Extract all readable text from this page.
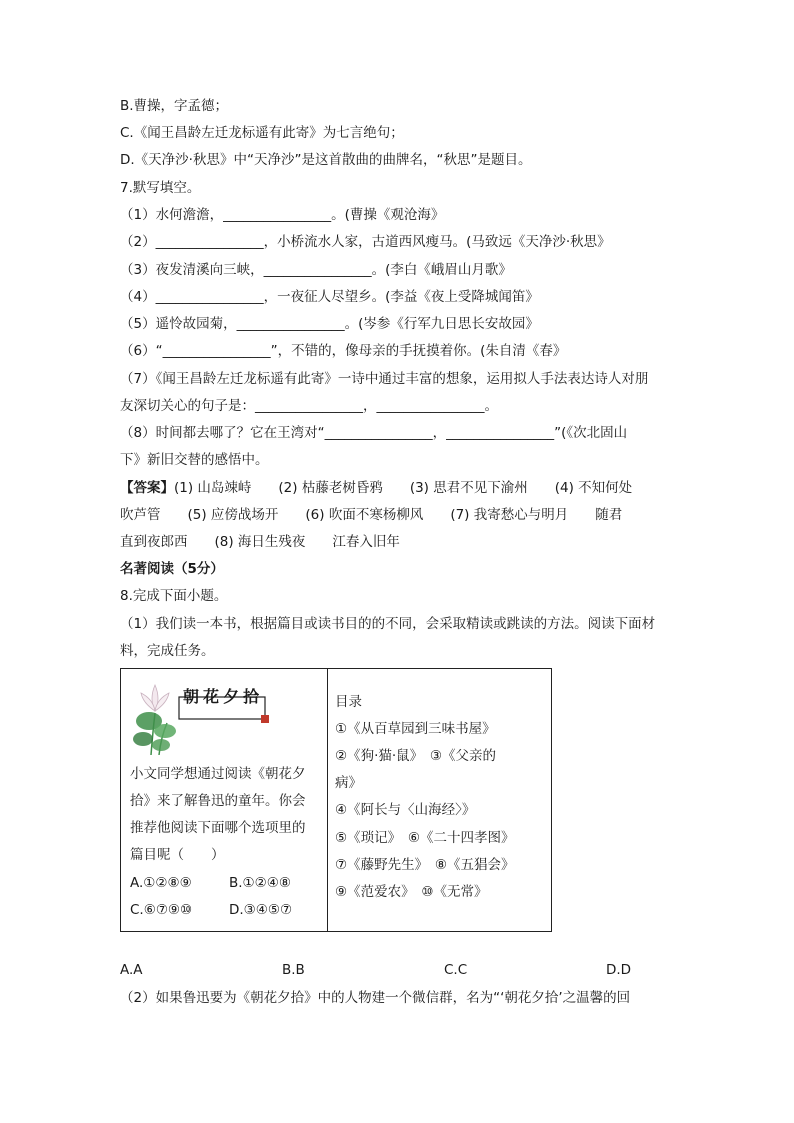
B.曹操，字孟德；
C.《闻王昌龄左迁龙标遥有此寄》为七言绝句；
D.《天净沙·秋思》中“天净沙”是这首散曲的曲牌名，“秋思”是题目。
7.默写填空。
（1）水何澹澹，________________。(曹操《观沧海》
（2）________________，小桥流水人家，古道西风瘦马。(马致远《天净沙·秋思》
（3）夜发清溪向三峡，________________。(李白《峨眉山月歌》
（4）________________，一夜征人尽望乡。(李益《夜上受降城闻笛》
（5）遥怜故园菊，________________。(岑参《行军九日思长安故园》
（6）“________________”，不错的，像母亲的手抚摸着你。(朱自清《春》
（7）《闻王昌龄左迁龙标遥有此寄》一诗中通过丰富的想象，运用拟人手法表达诗人对朋
友深切关心的句子是：________________，________________。
（8）时间都去哪了？它在王湾对“________________，________________”(《次北固山
下》新旧交替的感悟中。
【答案】(1) 山岛竦峙　　(2) 枯藤老树昏鸦　　(3) 思君不见下渝州　　(4) 不知何处
吹芦管　　(5) 应傍战场开　　(6) 吹面不寒杨柳风　　(7) 我寄愁心与明月　　随君
直到夜郎西　　(8) 海日生残夜　　江春入旧年
名著阅读（5分）
8.完成下面小题。
（1）我们读一本书，根据篇目或读书目的的不同，会采取精读或跳读的方法。阅读下面材
料，完成任务。
朝花夕拾
小文同学想通过阅读《朝花夕
拾》来了解鲁迅的童年。你会
推荐他阅读下面哪个选项里的
篇目呢（　　）
A.①②⑧⑨	B.①②④⑧
C.⑥⑦⑨⑩	D.③④⑤⑦
目录
①《从百草园到三味书屋》
②《狗·猫·鼠》　③《父亲的
病》
④《阿长与〈山海经〉》
⑤《琐记》　⑥《二十四孝图》
⑦《藤野先生》　⑧《五猖会》
⑨《范爱农》　⑩《无常》
A.A	B.B	C.C	D.D
（2）如果鲁迅要为《朝花夕拾》中的人物建一个微信群，名为“‘朝花夕拾’之温馨的回
